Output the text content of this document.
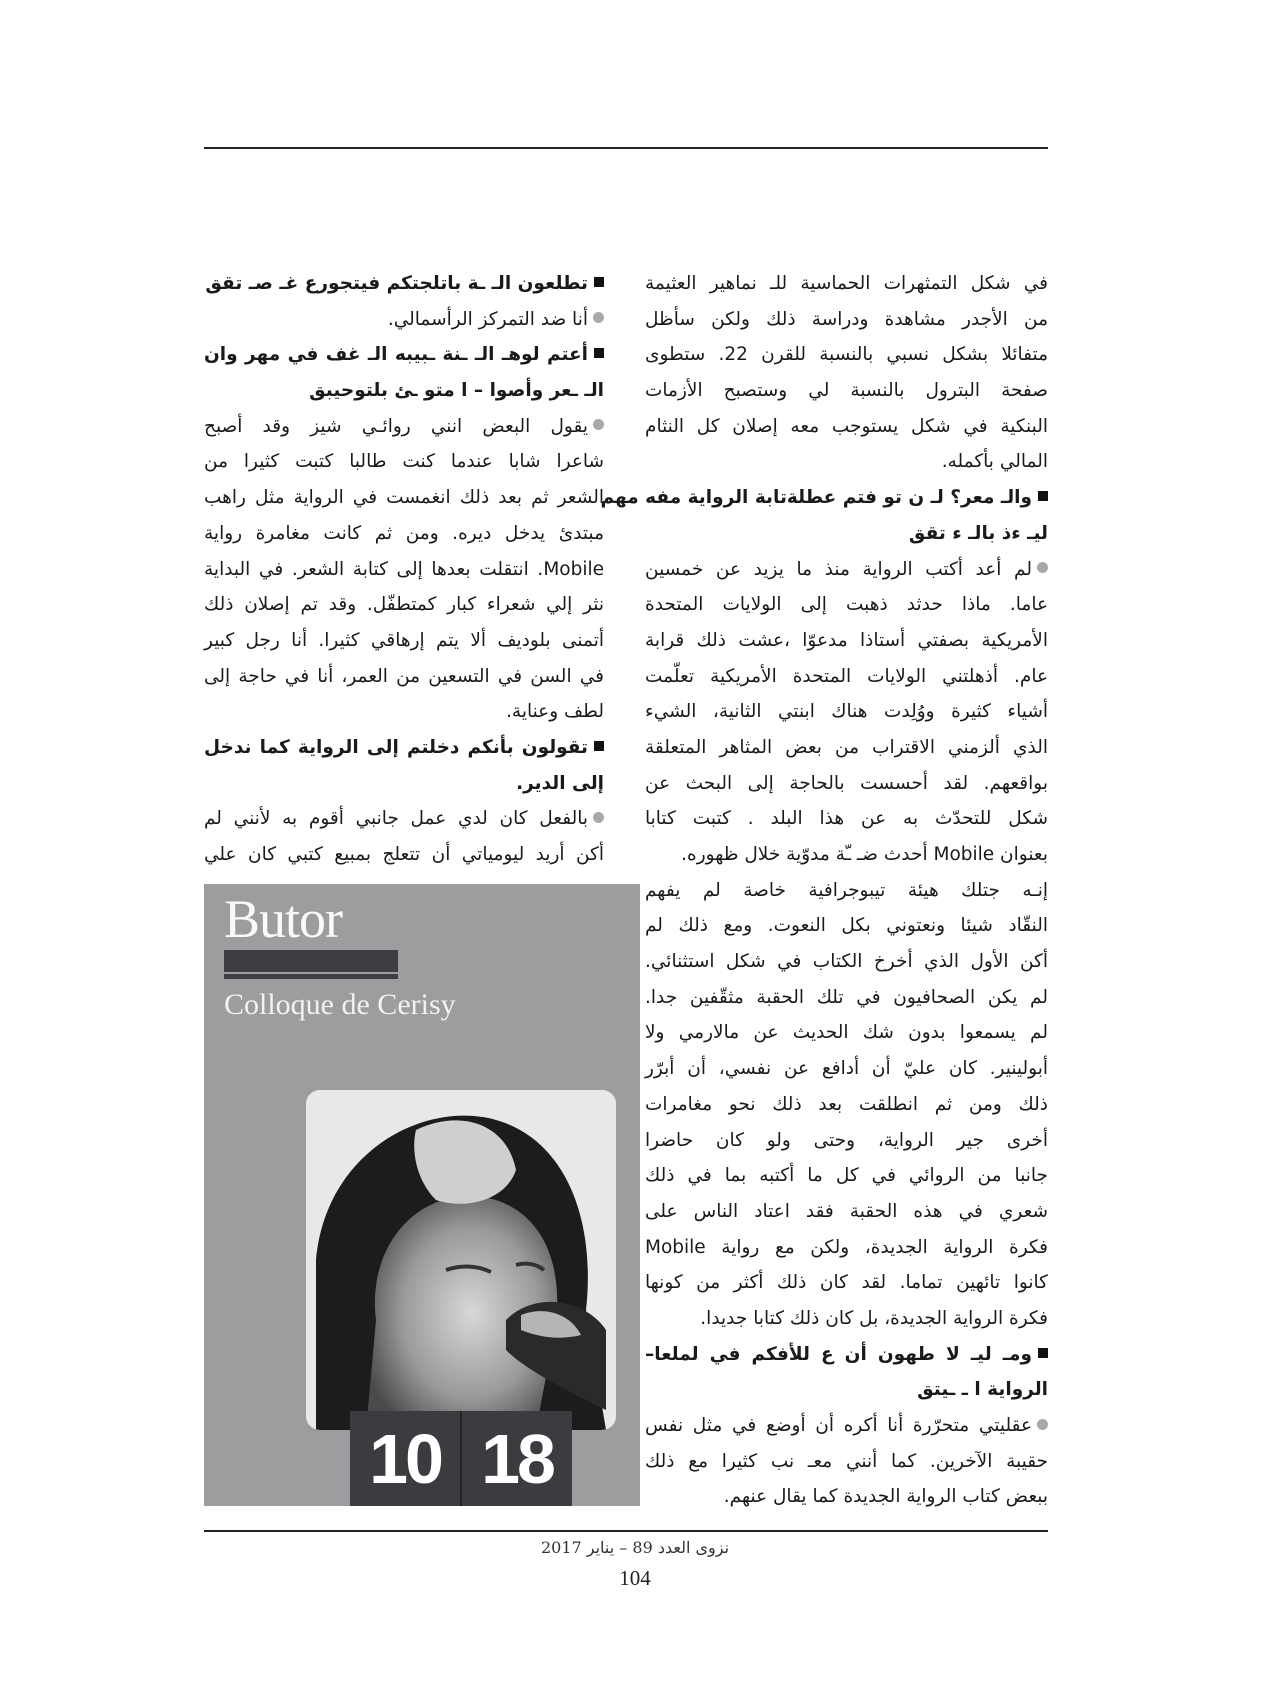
في شكل التمثهرات الحماسية للـ نماهير العثيمة
من الأجدر مشاهدة ودراسة ذلك ولكن سأظل
متفائلا بشكل نسبي بالنسبة للقرن 22. ستطوى
صفحة البترول بالنسبة لي وستصبح الأزمات
البنكية في شكل يستوجب معه إصلان كل النثام
المالي بأكمله.
والـ معر؟ لـ ن تو فتم عطلةتابة الرواية مفه مهم
ليـ ءذ بالـ ء تقق
لم أعد أكتب الرواية منذ ما يزيد عن خمسين
عاما. ماذا حدثد ذهبت إلى الولايات المتحدة
الأمريكية بصفتي أستاذا مدعوّا ،عشت ذلك قرابة
عام. أذهلتني الولايات المتحدة الأمريكية تعلّمت
أشياء كثيرة ووُلِدت هناك ابنتي الثانية، الشيء
الذي ألزمني الاقتراب من بعض المثاهر المتعلقة
بواقعهم. لقد أحسست بالحاجة إلى البحث عن
شكل للتحدّث به عن هذا البلد . كتبت كتابا
بعنوان Mobile أحدث ضـ ـّة مدوّية خلال ظهوره.
إنـه جتلك هيئة تيبوجرافية خاصة لم يفهم
النقّاد شيئا ونعتوني بكل النعوت. ومع ذلك لم
أكن الأول الذي أخرخ الكتاب في شكل استثنائي.
لم يكن الصحافيون في تلك الحقبة مثقّفين جدا.
لم يسمعوا بدون شك الحديث عن مالارمي ولا
أبولينير. كان عليّ أن أدافع عن نفسي، أن أبرّر
ذلك ومن ثم انطلقت بعد ذلك نحو مغامرات
أخرى جير الرواية، وحتى ولو كان حاضرا
جانبا من الروائي في كل ما أكتبه بما في ذلك
شعري في هذه الحقبة فقد اعتاد الناس على
فكرة الرواية الجديدة، ولكن مع رواية Mobile
كانوا تائهين تماما. لقد كان ذلك أكثر من كونها
فكرة الرواية الجديدة، بل كان ذلك كتابا جديدا.
ومـ ليـ لا طهون أن ع للأفكم في لملعا–
الرواية ا ـ ـيتق
عقليتي متحرّرة أنا أكره أن أوضع في مثل نفس
حقيبة الآخرين. كما أنني معـ نب كثيرا مع ذلك
ببعض كتاب الرواية الجديدة كما يقال عنهم.
تطلعون الـ ـة باتلجتكم فيتجورع غـ صـ تقق
أنا ضد التمركز الرأسمالي.
أعتم لوهـ الـ ـنة ـبيبه الـ غف في مهر وان
الـ ـعر وأصوا – ا متو ـئ بلتوحيبق
يقول البعض انني روائـي شيز وقد أصبح
شاعرا شابا عندما كنت طالبا كتبت كثيرا من
الشعر ثم بعد ذلك انغمست في الرواية مثل راهب
مبتدئ يدخل ديره. ومن ثم كانت مغامرة رواية
Mobile. انتقلت بعدها إلى كتابة الشعر. في البداية
نثر إلي شعراء كبار كمتطفّل. وقد تم إصلان ذلك
أتمنى بلوديف ألا يتم إرهاقي كثيرا. أنا رجل كبير
في السن في التسعين من العمر، أنا في حاجة إلى
لطف وعناية.
تقولون بأنكم دخلتم إلى الرواية كما ندخل
إلى الدير.
بالفعل كان لدي عمل جانبي أقوم به لأنني لم
أكن أريد ليومياتي أن تتعلج بمبيع كتبي كان علي
Butor
Colloque de Cerisy
10 18
نزوى العدد 89 – يناير 2017
104
